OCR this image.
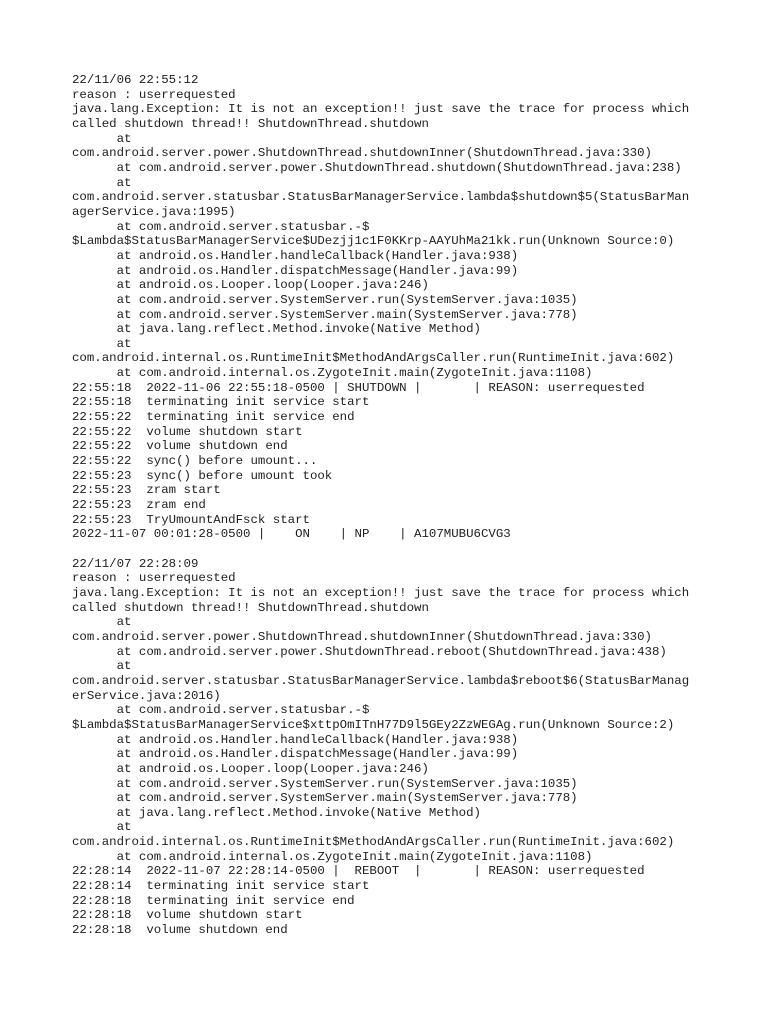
22/11/06 22:55:12
reason : userrequested
java.lang.Exception: It is not an exception!! just save the trace for process which
called shutdown thread!! ShutdownThread.shutdown
at
com.android.server.power.ShutdownThread.shutdownInner(ShutdownThread.java:330)
at com.android.server.power.ShutdownThread.shutdown(ShutdownThread.java:238)
at
com.android.server.statusbar.StatusBarManagerService.lambda$shutdown$5(StatusBarMan
agerService.java:1995)
at com.android.server.statusbar.-$
$Lambda$StatusBarManagerService$UDezjj1c1F0KKrp-AAYUhMa21kk.run(Unknown Source:0)
at android.os.Handler.handleCallback(Handler.java:938)
at android.os.Handler.dispatchMessage(Handler.java:99)
at android.os.Looper.loop(Looper.java:246)
at com.android.server.SystemServer.run(SystemServer.java:1035)
at com.android.server.SystemServer.main(SystemServer.java:778)
at java.lang.reflect.Method.invoke(Native Method)
at
com.android.internal.os.RuntimeInit$MethodAndArgsCaller.run(RuntimeInit.java:602)
at com.android.internal.os.ZygoteInit.main(ZygoteInit.java:1108)
22:55:18  2022-11-06 22:55:18-0500 | SHUTDOWN |       | REASON: userrequested
22:55:18  terminating init service start
22:55:22  terminating init service end
22:55:22  volume shutdown start
22:55:22  volume shutdown end
22:55:22  sync() before umount...
22:55:23  sync() before umount took
22:55:23  zram start
22:55:23  zram end
22:55:23  TryUmountAndFsck start
2022-11-07 00:01:28-0500 |    ON    | NP    | A107MUBU6CVG3
22/11/07 22:28:09
reason : userrequested
java.lang.Exception: It is not an exception!! just save the trace for process which
called shutdown thread!! ShutdownThread.shutdown
at
com.android.server.power.ShutdownThread.shutdownInner(ShutdownThread.java:330)
at com.android.server.power.ShutdownThread.reboot(ShutdownThread.java:438)
at
com.android.server.statusbar.StatusBarManagerService.lambda$reboot$6(StatusBarManag
erService.java:2016)
at com.android.server.statusbar.-$
$Lambda$StatusBarManagerService$xttpOmITnH77D9l5GEy2ZzWEGAg.run(Unknown Source:2)
at android.os.Handler.handleCallback(Handler.java:938)
at android.os.Handler.dispatchMessage(Handler.java:99)
at android.os.Looper.loop(Looper.java:246)
at com.android.server.SystemServer.run(SystemServer.java:1035)
at com.android.server.SystemServer.main(SystemServer.java:778)
at java.lang.reflect.Method.invoke(Native Method)
at
com.android.internal.os.RuntimeInit$MethodAndArgsCaller.run(RuntimeInit.java:602)
at com.android.internal.os.ZygoteInit.main(ZygoteInit.java:1108)
22:28:14  2022-11-07 22:28:14-0500 |  REBOOT  |       | REASON: userrequested
22:28:14  terminating init service start
22:28:18  terminating init service end
22:28:18  volume shutdown start
22:28:18  volume shutdown end
